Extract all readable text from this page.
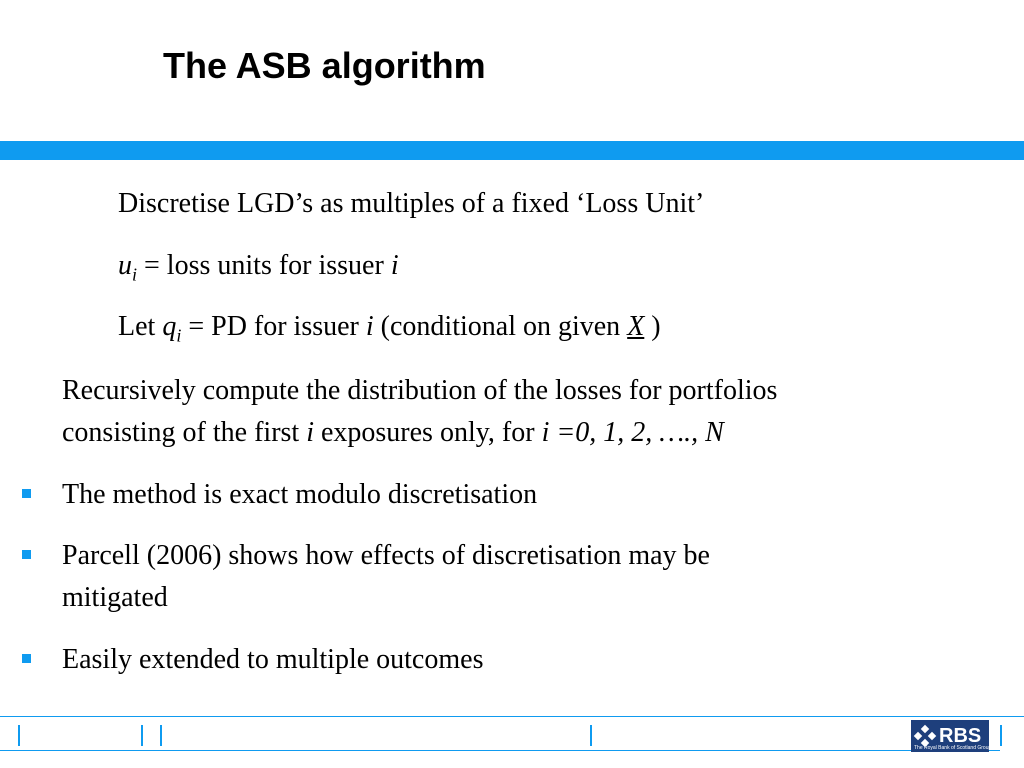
The ASB algorithm

Discretise LGD’s as multiples of a fixed ‘Loss Unit’

$u_i$ = loss units for issuer i

Let $q_i$ = PD for issuer i (conditional on given X )

Recursively compute the distribution of the losses for portfolios

consisting of the first i exposures only, for i =0, 1, 2, …., N

The method is exact modulo discretisation

Parcell (2006) shows how effects of discretisation may be

mitigated

Easily extended to multiple outcomes

RBS
The Royal Bank of Scotland Group
